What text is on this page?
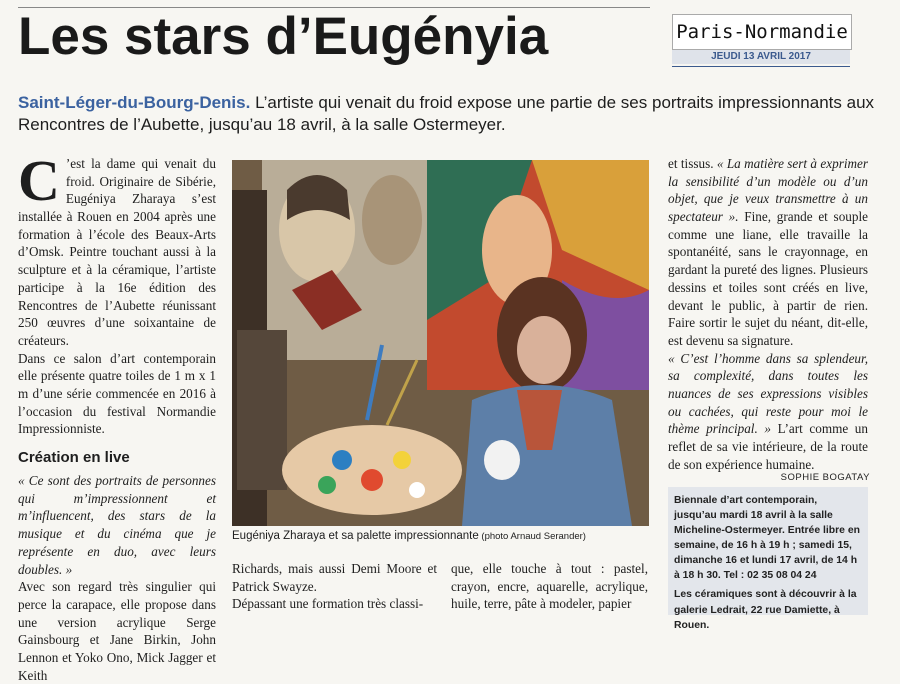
Les stars d’Eugényia	Paris-Normandie
JEUDI 13 AVRIL 2017
Saint-Léger-du-Bourg-Denis. L’artiste qui venait du froid expose une partie de ses portraits impressionnants aux Rencontres de l’Aubette, jusqu’au 18 avril, à la salle Ostermeyer.

C ’est la dame qui venait du froid. Originaire de Sibérie, Eugéniya Zharaya s’est installée à Rouen en 2004 après une formation à l’école des Beaux-Arts d’Omsk. Peintre touchant aussi à la sculpture et à la céramique, l’artiste participe à la 16e édition des Rencontres de l’Aubette réunissant 250 œuvres d’une soixantaine de créateurs.

Dans ce salon d’art contemporain elle présente quatre toiles de 1 m x 1 m d’une série commencée en 2016 à l’occasion du festival Normandie Impressionniste.

Création en live

« Ce sont des portraits de personnes qui m’impressionnent et m’influencent, des stars de la musique et du cinéma que je représente en duo, avec leurs doubles. »

Avec son regard très singulier qui perce la carapace, elle propose dans une version acrylique Serge Gainsbourg et Jane Birkin, John Lennon et Yoko Ono, Mick Jagger et Keith

Eugéniya Zharaya et sa palette impressionnante (photo Arnaud Serander)

Richards, mais aussi Demi Moore et Patrick Swayze.

Dépassant une formation très classi-

que, elle touche à tout : pastel, crayon, encre, aquarelle, acrylique, huile, terre, pâte à modeler, papier

et tissus. « La matière sert à exprimer la sensibilité d’un modèle ou d’un objet, que je veux transmettre à un spectateur ». Fine, grande et souple comme une liane, elle travaille la spontanéité, sans le crayonnage, en gardant la pureté des lignes. Plusieurs dessins et toiles sont créés en live, devant le public, à partir de rien. Faire sortir le sujet du néant, dit-elle, est devenu sa signature.

« C’est l’homme dans sa splendeur, sa complexité, dans toutes les nuances de ses expressions visibles ou cachées, qui reste pour moi le thème principal. » L’art comme un reflet de sa vie intérieure, de la route de son expérience humaine.

SOPHIE BOGATAY

Biennale d’art contemporain, jusqu’au mardi 18 avril à la salle Micheline-Ostermeyer. Entrée libre en semaine, de 16 h à 19 h ; samedi 15, dimanche 16 et lundi 17 avril, de 14 h à 18 h 30. Tel : 02 35 08 04 24

Les céramiques sont à découvrir à la galerie Ledrait, 22 rue Damiette, à Rouen.
